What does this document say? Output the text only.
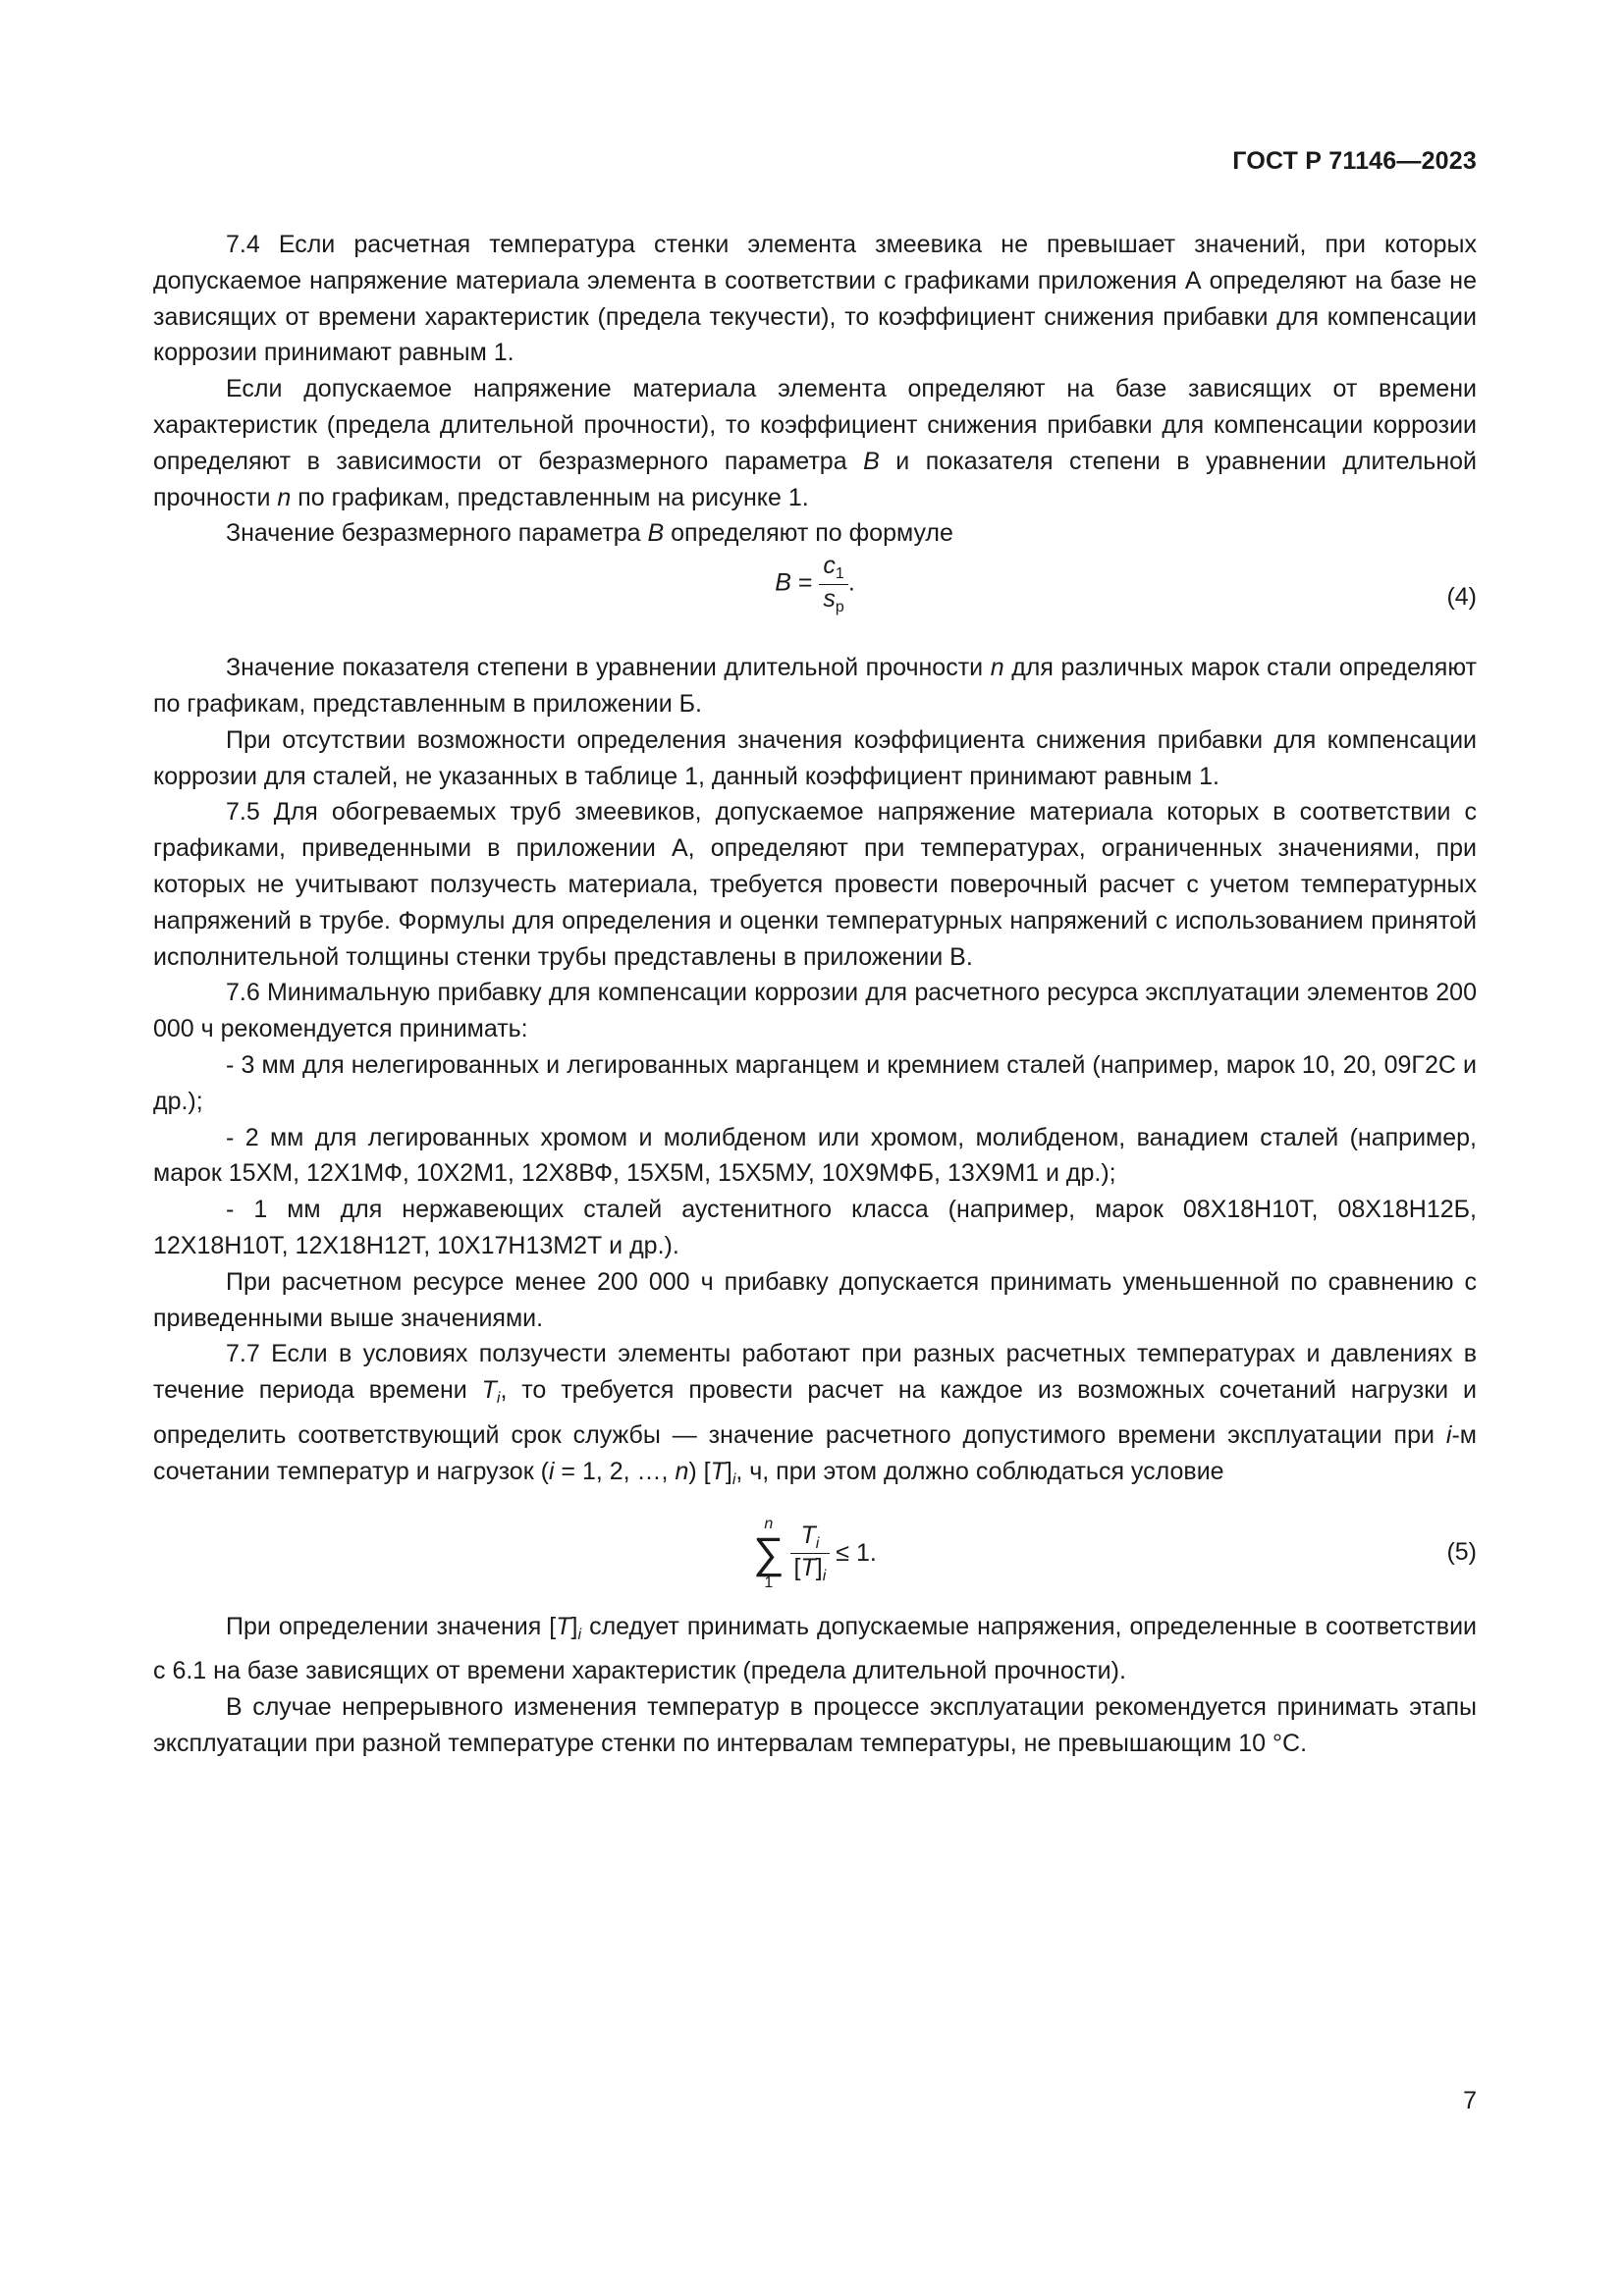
ГОСТ Р 71146—2023

7.4 Если расчетная температура стенки элемента змеевика не превышает значений, при которых допускаемое напряжение материала элемента в соответствии с графиками приложения А определяют на базе не зависящих от времени характеристик (предела текучести), то коэффициент снижения прибавки для компенсации коррозии принимают равным 1.

Если допускаемое напряжение материала элемента определяют на базе зависящих от времени характеристик (предела длительной прочности), то коэффициент снижения прибавки для компенсации коррозии определяют в зависимости от безразмерного параметра B и показателя степени в уравнении длительной прочности n по графикам, представленным на рисунке 1.

Значение безразмерного параметра B определяют по формуле

$B = \frac{c_1}{s_p}$ .
(4)

Значение показателя степени в уравнении длительной прочности n для различных марок стали определяют по графикам, представленным в приложении Б.

При отсутствии возможности определения значения коэффициента снижения прибавки для компенсации коррозии для сталей, не указанных в таблице 1, данный коэффициент принимают равным 1.

7.5 Для обогреваемых труб змеевиков, допускаемое напряжение материала которых в соответствии с графиками, приведенными в приложении А, определяют при температурах, ограниченных значениями, при которых не учитывают ползучесть материала, требуется провести поверочный расчет с учетом температурных напряжений в трубе. Формулы для определения и оценки температурных напряжений с использованием принятой исполнительной толщины стенки трубы представлены в приложении В.

7.6 Минимальную прибавку для компенсации коррозии для расчетного ресурса эксплуатации элементов 200 000 ч рекомендуется принимать:

- 3 мм для нелегированных и легированных марганцем и кремнием сталей (например, марок 10, 20, 09Г2С и др.);

- 2 мм для легированных хромом и молибденом или хромом, молибденом, ванадием сталей (например, марок 15ХМ, 12Х1МФ, 10Х2М1, 12Х8ВФ, 15Х5М, 15Х5МУ, 10Х9МФБ, 13Х9М1 и др.);

- 1 мм для нержавеющих сталей аустенитного класса (например, марок 08Х18Н10Т, 08Х18Н12Б, 12Х18Н10Т, 12Х18Н12Т, 10Х17Н13М2Т и др.).

При расчетном ресурсе менее 200 000 ч прибавку допускается принимать уменьшенной по сравнению с приведенными выше значениями.

7.7 Если в условиях ползучести элементы работают при разных расчетных температурах и давлениях в течение периода времени $T_i$, то требуется провести расчет на каждое из возможных сочетаний нагрузки и определить соответствующий срок службы — значение расчетного допустимого времени эксплуатации при i-м сочетании температур и нагрузок (i = 1, 2, …, n) $[T]_i$, ч, при этом должно соблюдаться условие

n
∑
$1 \frac{T_i}{[T]_i} \le 1$.	(5)

При определении значения $[T]_i$ следует принимать допускаемые напряжения, определенные в соответствии с 6.1 на базе зависящих от времени характеристик (предела длительной прочности).

В случае непрерывного изменения температур в процессе эксплуатации рекомендуется принимать этапы эксплуатации при разной температуре стенки по интервалам температуры, не превышающим 10 °С.

7
